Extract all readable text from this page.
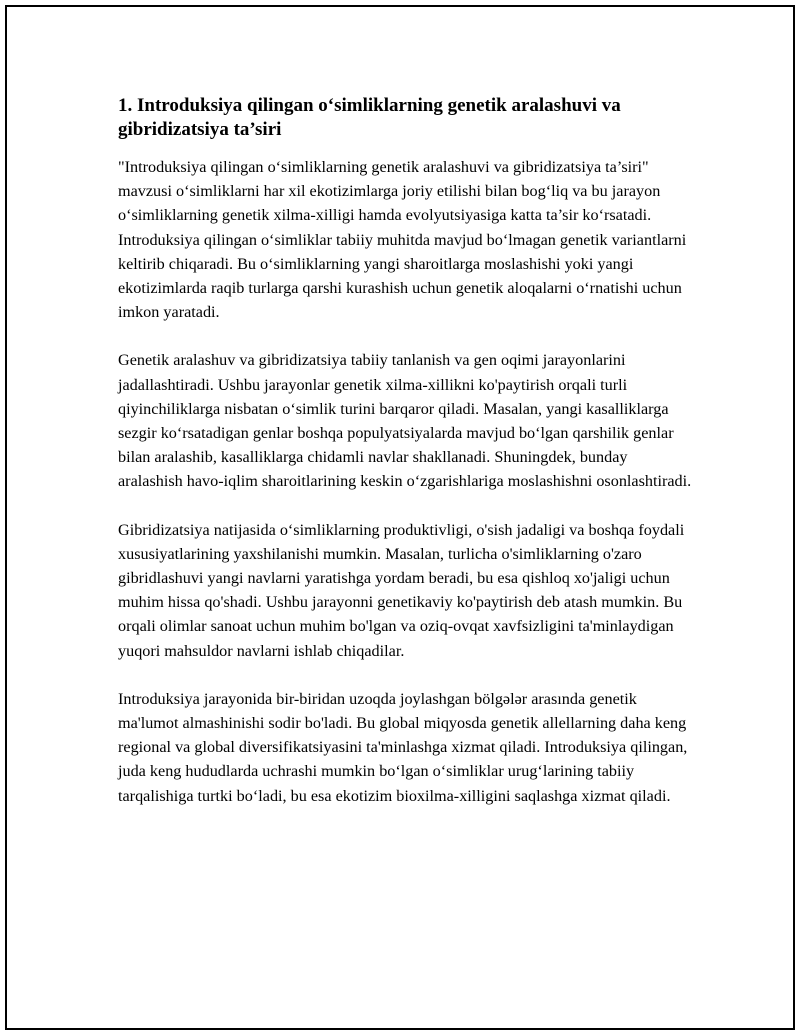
1. Introduksiya qilingan o‘simliklarning genetik aralashuvi va gibridizatsiya ta’siri

"Introduksiya qilingan o‘simliklarning genetik aralashuvi va gibridizatsiya ta’siri" mavzusi o‘simliklarni har xil ekotizimlarga joriy etilishi bilan bog‘liq va bu jarayon o‘simliklarning genetik xilma-xilligi hamda evolyutsiyasiga katta ta’sir ko‘rsatadi. Introduksiya qilingan o‘simliklar tabiiy muhitda mavjud bo‘lmagan genetik variantlarni keltirib chiqaradi. Bu o‘simliklarning yangi sharoitlarga moslashishi yoki yangi ekotizimlarda raqib turlarga qarshi kurashish uchun genetik aloqalarni o‘rnatishi uchun imkon yaratadi.

Genetik aralashuv va gibridizatsiya tabiiy tanlanish va gen oqimi jarayonlarini jadallashtiradi. Ushbu jarayonlar genetik xilma-xillikni ko'paytirish orqali turli qiyinchiliklarga nisbatan o‘simlik turini barqaror qiladi. Masalan, yangi kasalliklarga sezgir ko‘rsatadigan genlar boshqa populyatsiyalarda mavjud bo‘lgan qarshilik genlar bilan aralashib, kasalliklarga chidamli navlar shakllanadi. Shuningdek, bunday aralashish havo-iqlim sharoitlarining keskin o‘zgarishlariga moslashishni osonlashtiradi.

Gibridizatsiya natijasida o‘simliklarning produktivligi, o'sish jadaligi va boshqa foydali xususiyatlarining yaxshilanishi mumkin. Masalan, turlicha o'simliklarning o'zaro gibridlashuvi yangi navlarni yaratishga yordam beradi, bu esa qishloq xo'jaligi uchun muhim hissa qo'shadi. Ushbu jarayonni genetikaviy ko'paytirish deb atash mumkin. Bu orqali olimlar sanoat uchun muhim bo'lgan va oziq-ovqat xavfsizligini ta'minlaydigan yuqori mahsuldor navlarni ishlab chiqadilar.

Introduksiya jarayonida bir-biridan uzoqda joylashgan bölgələr arasında genetik ma'lumot almashinishi sodir bo'ladi. Bu global miqyosda genetik allellarning daha keng regional va global diversifikatsiyasini ta'minlashga xizmat qiladi. Introduksiya qilingan, juda keng hududlarda uchrashi mumkin bo‘lgan o‘simliklar urug‘larining tabiiy tarqalishiga turtki bo‘ladi, bu esa ekotizim bioxilma-xilligini saqlashga xizmat qiladi.
